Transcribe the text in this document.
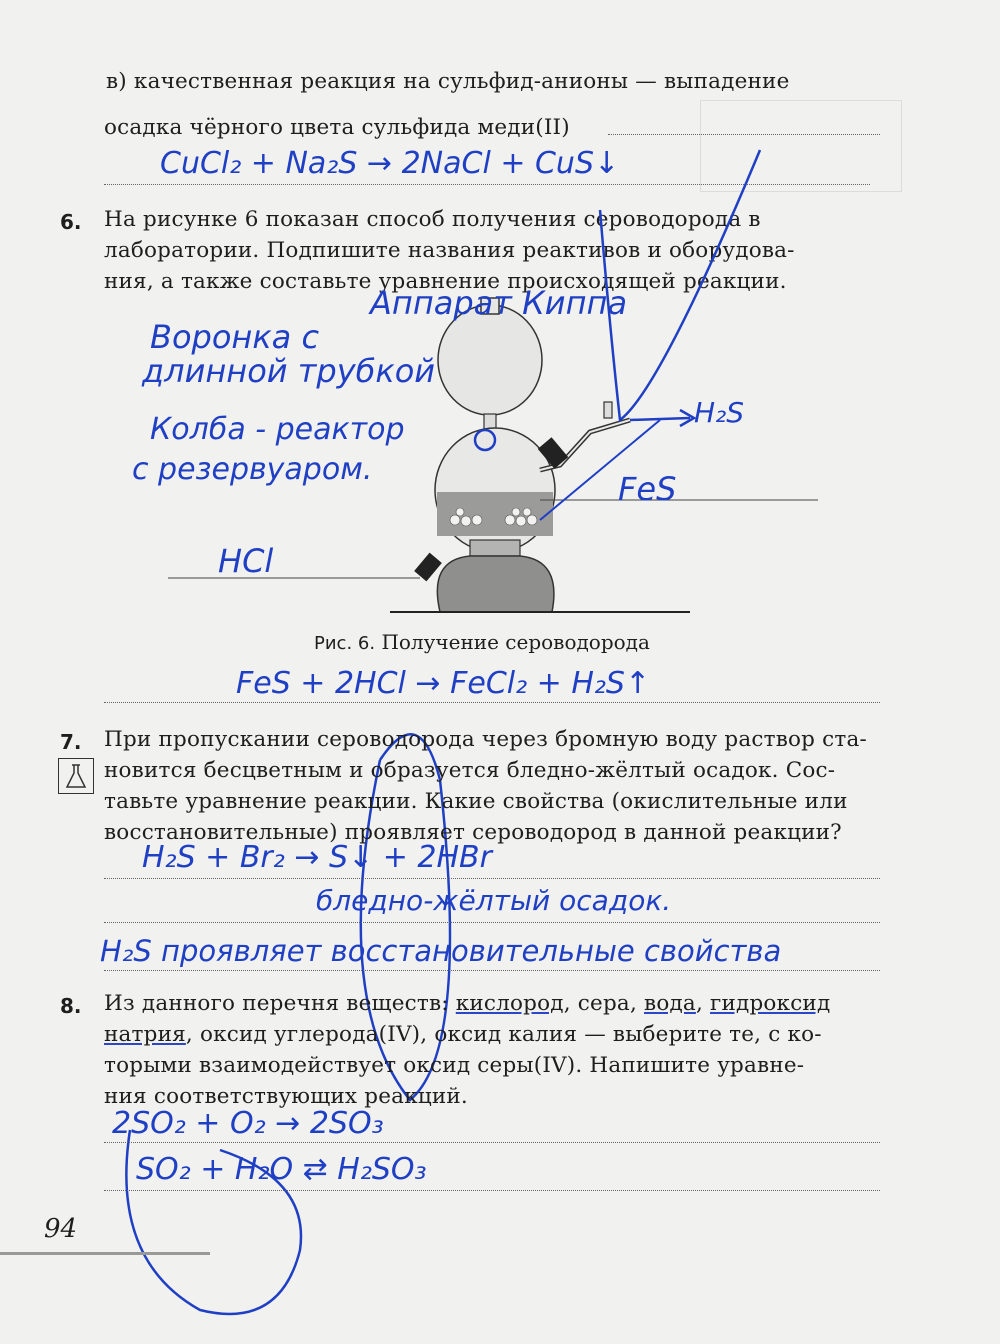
в) качественная реакция на сульфид-анионы — выпадение
осадка чёрного цвета сульфида меди(II)
CuCl₂ + Na₂S → 2NaCl + CuS↓
6. На рисунке 6 показан способ получения сероводорода в
лаборатории. Подпишите названия реактивов и оборудова-
ния, а также составьте уравнение происходящей реакции.
Аппарат Киппа
Воронка с
длинной трубкой
Колба - реактор
с резервуаром.
H₂S
FeS
HCl
Рис. 6. Получение сероводорода
FeS + 2HCl → FeCl₂ + H₂S↑
7. При пропускании сероводорода через бромную воду раствор ста-
новится бесцветным и образуется бледно-жёлтый осадок. Сос-
тавьте уравнение реакции. Какие свойства (окислительные или
восстановительные) проявляет сероводород в данной реакции?
H₂S + Br₂ → S↓ + 2HBr
бледно-жёлтый осадок.
H₂S проявляет восстановительные свойства
8. Из данного перечня веществ: кислород, сера, вода, гидроксид
натрия, оксид углерода(IV), оксид калия — выберите те, с ко-
торыми взаимодействует оксид серы(IV). Напишите уравне-
ния соответствующих реакций.
2SO₂ + O₂ → 2SO₃
SO₂ + H₂O ⇄ H₂SO₃
94
